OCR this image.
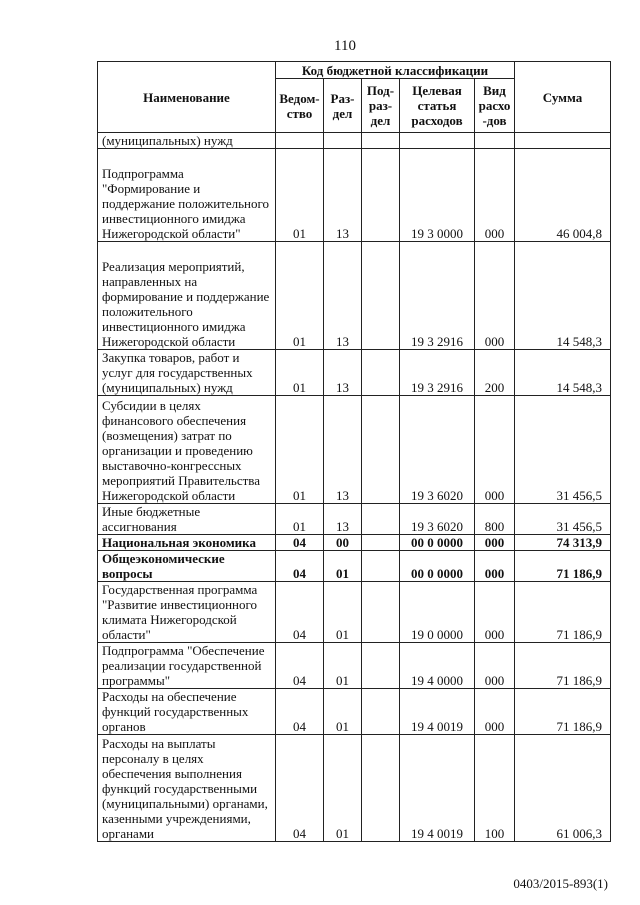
110
Наименование	Код бюджетной классификации					Сумма
	Ведом-ство	Раз-дел	Под-раз-дел	Целевая статья расходов	Вид расхо -дов	
(муниципальных) нужд						
Подпрограмма "Формирование и поддержание положительного инвестиционного имиджа Нижегородской области"	01	13		19 3 0000	000	46 004,8
Реализация мероприятий, направленных на формирование и поддержание положительного инвестиционного имиджа Нижегородской области	01	13		19 3 2916	000	14 548,3
Закупка товаров, работ и услуг для государственных (муниципальных) нужд	01	13		19 3 2916	200	14 548,3
Субсидии в целях финансового обеспечения (возмещения) затрат по организации и проведению выставочно-конгрессных мероприятий Правительства Нижегородской области	01	13		19 3 6020	000	31 456,5
Иные бюджетные ассигнования	01	13		19 3 6020	800	31 456,5
Национальная экономика	04	00		00 0 0000	000	74 313,9
Общеэкономические вопросы	04	01		00 0 0000	000	71 186,9
Государственная программа "Развитие инвестиционного климата Нижегородской области"	04	01		19 0 0000	000	71 186,9
Подпрограмма "Обеспечение реализации государственной программы"	04	01		19 4 0000	000	71 186,9
Расходы на обеспечение функций государственных органов	04	01		19 4 0019	000	71 186,9
Расходы на выплаты персоналу в целях обеспечения выполнения функций государственными (муниципальными) органами, казенными учреждениями, органами	04	01		19 4 0019	100	61 006,3
0403/2015-893(1)
